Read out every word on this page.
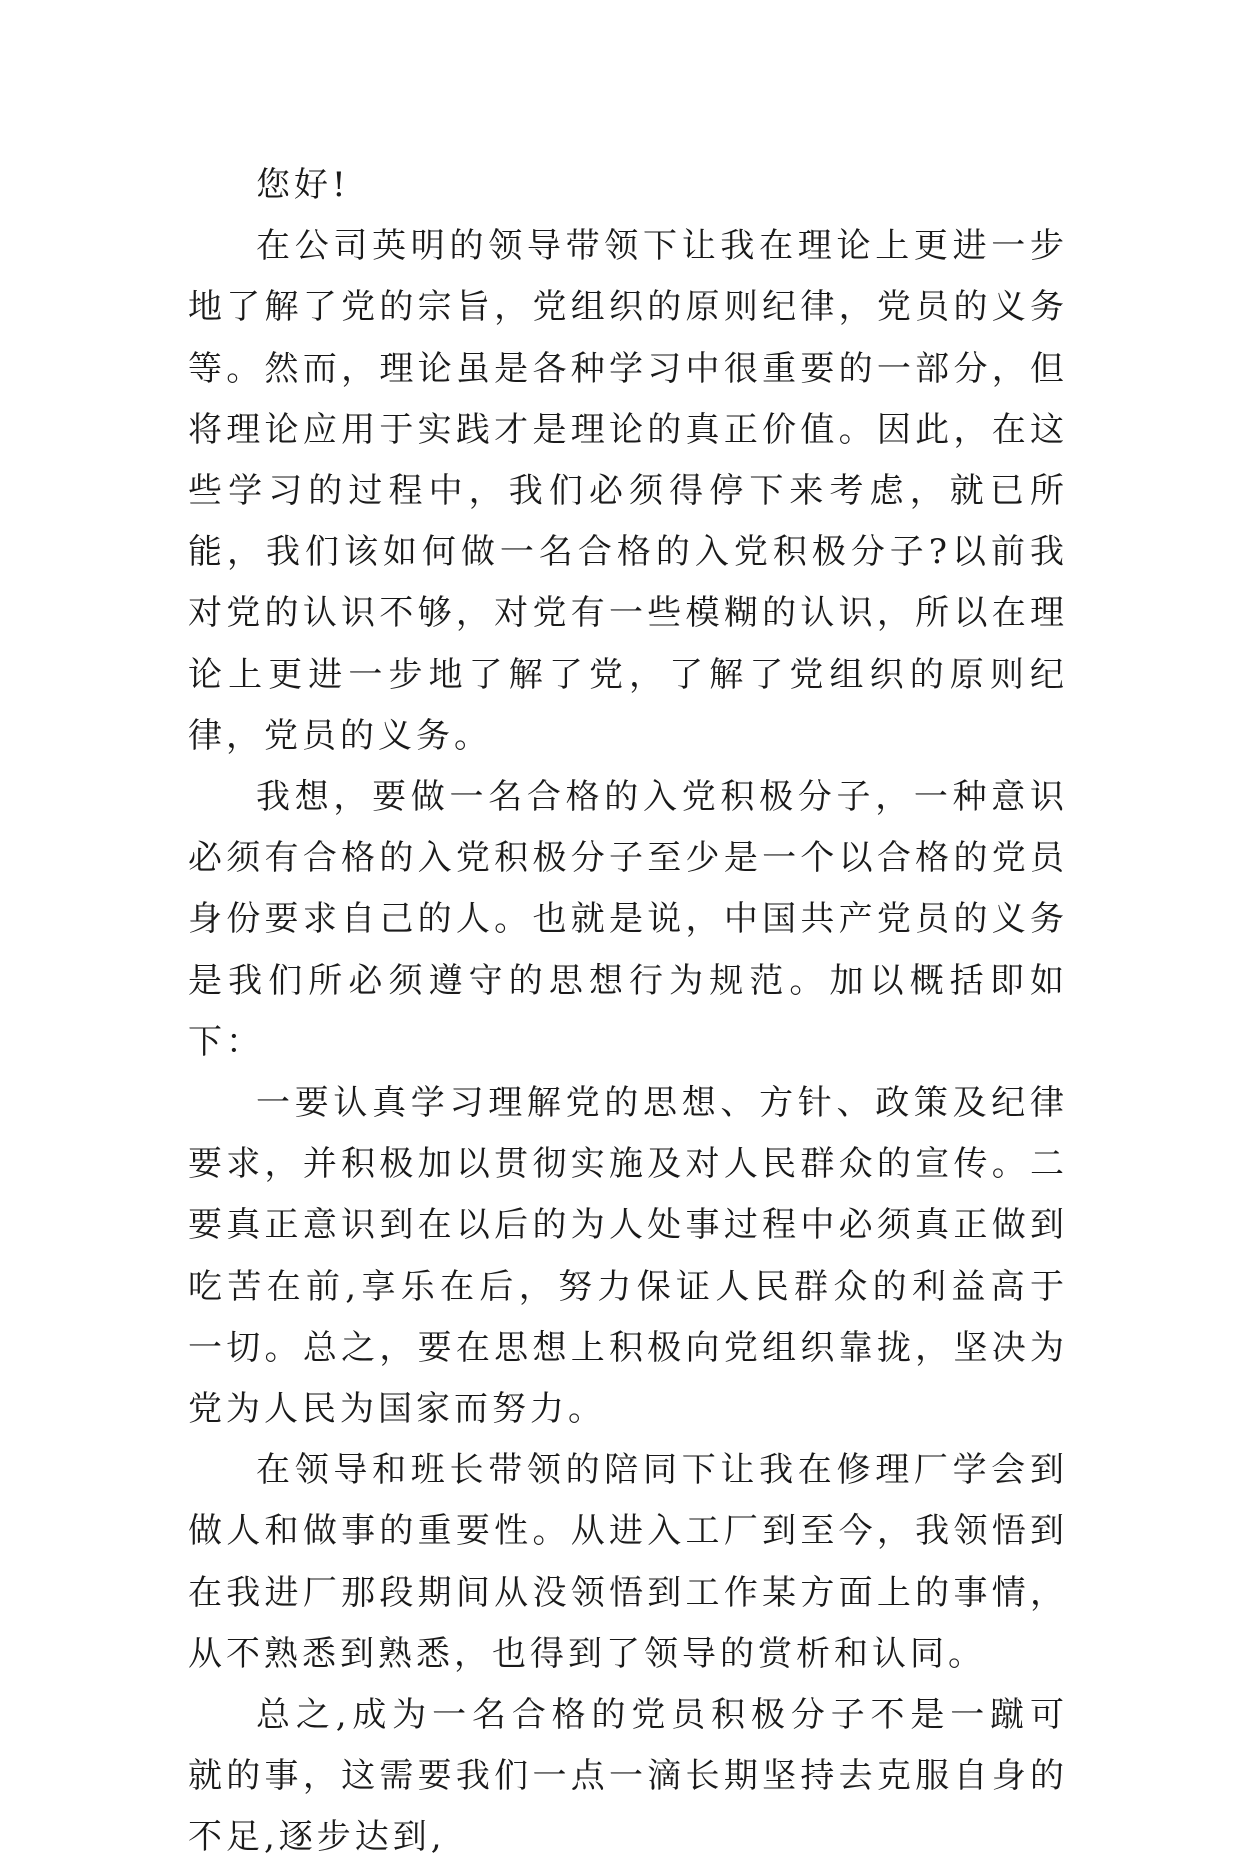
您好!

在公司英明的领导带领下让我在理论上更进一步地了解了党的宗旨，党组织的原则纪律，党员的义务等。然而，理论虽是各种学习中很重要的一部分，但将理论应用于实践才是理论的真正价值。因此，在这些学习的过程中，我们必须得停下来考虑，就已所能，我们该如何做一名合格的入党积极分子?以前我对党的认识不够，对党有一些模糊的认识，所以在理论上更进一步地了解了党，了解了党组织的原则纪律，党员的义务。

我想，要做一名合格的入党积极分子，一种意识必须有合格的入党积极分子至少是一个以合格的党员身份要求自己的人。也就是说，中国共产党员的义务是我们所必须遵守的思想行为规范。加以概括即如下：

一要认真学习理解党的思想、方针、政策及纪律要求，并积极加以贯彻实施及对人民群众的宣传。二要真正意识到在以后的为人处事过程中必须真正做到吃苦在前,享乐在后，努力保证人民群众的利益高于一切。总之，要在思想上积极向党组织靠拢，坚决为党为人民为国家而努力。

在领导和班长带领的陪同下让我在修理厂学会到做人和做事的重要性。从进入工厂到至今，我领悟到在我进厂那段期间从没领悟到工作某方面上的事情，从不熟悉到熟悉，也得到了领导的赏析和认同。

总之,成为一名合格的党员积极分子不是一蹴可就的事，这需要我们一点一滴长期坚持去克服自身的不足,逐步达到,
